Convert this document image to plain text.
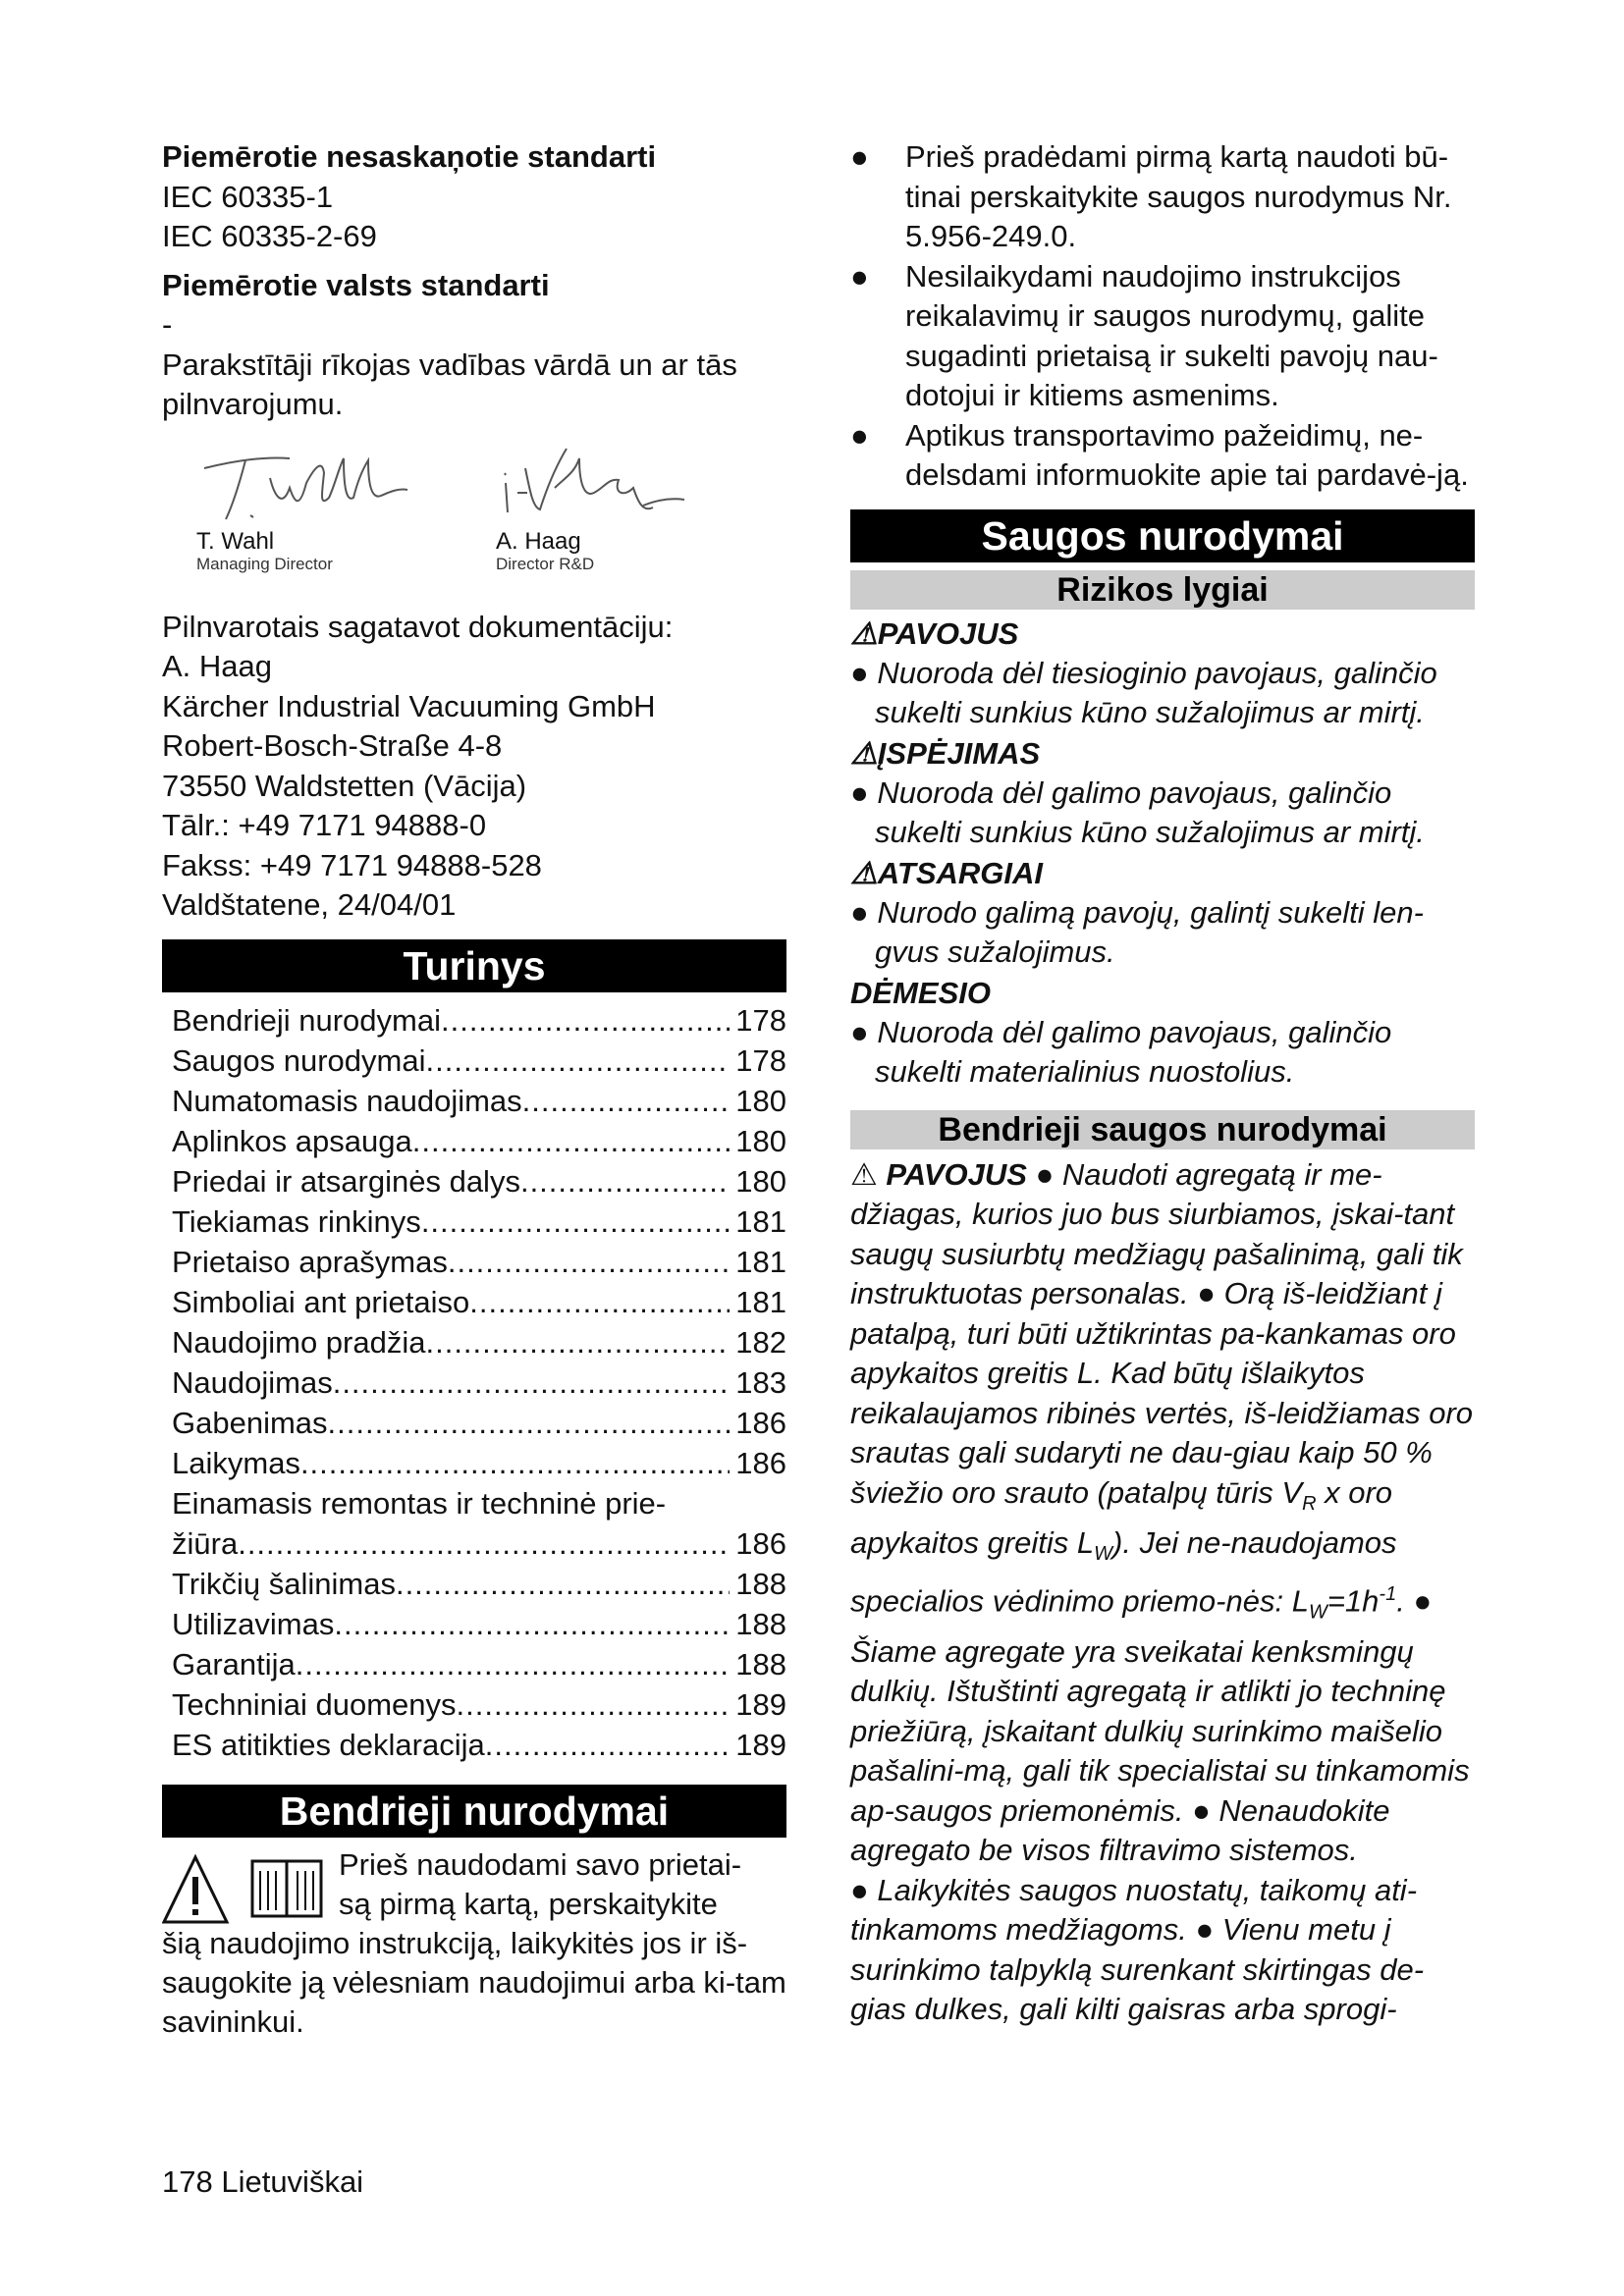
Piemērotie nesaskaņotie standarti

IEC 60335-1

IEC 60335-2-69

Piemērotie valsts standarti

-

Parakstītāji rīkojas vadības vārdā un ar tās pilnvarojumu.

T. Wahl
Managing Director
A. Haag
Director R&D

Pilnvarotais sagatavot dokumentāciju:

A. Haag

Kärcher Industrial Vacuuming GmbH

Robert-Bosch-Straße 4-8

73550 Waldstetten (Vācija)

Tālr.: +49 7171 94888-0

Fakss: +49 7171 94888-528

Valdštatene, 24/04/01

Turinys
Bendrieji nurodymai .....	178
Saugos nurodymai .....	178
Numatomasis naudojimas .....	180
Aplinkos apsauga .....	180
Priedai ir atsarginės dalys .....	180
Tiekiamas rinkinys .....	181
Prietaiso aprašymas .....	181
Simboliai ant prietaiso .....	181
Naudojimo pradžia .....	182
Naudojimas .....	183
Gabenimas .....	186
Laikymas .....	186
Einamasis remontas ir techninė prie-
žiūra .....	186
Trikčių šalinimas .....	188
Utilizavimas .....	188
Garantija .....	188
Techniniai duomenys .....	189
ES atitikties deklaracija .....	189
Bendrieji nurodymai
Prieš naudodami savo prietai-
są pirmą kartą, perskaitykite
šią naudojimo instrukciją, laikykitės jos ir iš-saugokite ją vėlesniam naudojimui arba ki-tam savininkui.
●	Prieš pradėdami pirmą kartą naudoti bū-tinai perskaitykite saugos nurodymus Nr. 5.956-249.0.
●	Nesilaikydami naudojimo instrukcijos reikalavimų ir saugos nurodymų, galite sugadinti prietaisą ir sukelti pavojų nau-dotojui ir kitiems asmenims.
●	Aptikus transportavimo pažeidimų, ne-delsdami informuokite apie tai pardavė-ją.
Saugos nurodymai
Rizikos lygiai
⚠PAVOJUS
● Nuoroda dėl tiesioginio pavojaus, galinčio sukelti sunkius kūno sužalojimus ar mirtį.
⚠ĮSPĖJIMAS
● Nuoroda dėl galimo pavojaus, galinčio sukelti sunkius kūno sužalojimus ar mirtį.
⚠ATSARGIAI
● Nurodo galimą pavojų, galintį sukelti len-gvus sužalojimus.
DĖMESIO
● Nuoroda dėl galimo pavojaus, galinčio sukelti materialinius nuostolius.
Bendrieji saugos nurodymai

⚠ PAVOJUS ● Naudoti agregatą ir me-džiagas, kurios juo bus siurbiamos, įskai-tant saugų susiurbtų medžiagų pašalinimą, gali tik instruktuotas personalas. ● Orą iš-leidžiant į patalpą, turi būti užtikrintas pa-kankamas oro apykaitos greitis L. Kad būtų išlaikytos reikalaujamos ribinės vertės, iš-leidžiamas oro srautas gali sudaryti ne dau-giau kaip 50 % šviežio oro srauto (patalpų tūris $V_R$ x oro apykaitos greitis $L_W$). Jei ne-naudojamos specialios vėdinimo priemo-nės: $L_W=1h^{-1}$. ● Šiame agregate yra sveikatai kenksmingų dulkių. Ištuštinti agregatą ir atlikti jo techninę priežiūrą, įskaitant dulkių surinkimo maišelio pašalini-mą, gali tik specialistai su tinkamomis ap-saugos priemonėmis. ● Nenaudokite agregato be visos filtravimo sistemos.

● Laikykitės saugos nuostatų, taikomų ati-tinkamoms medžiagoms. ● Vienu metu į surinkimo talpyklą surenkant skirtingas de-gias dulkes, gali kilti gaisras arba sprogi-

178 Lietuviškai
